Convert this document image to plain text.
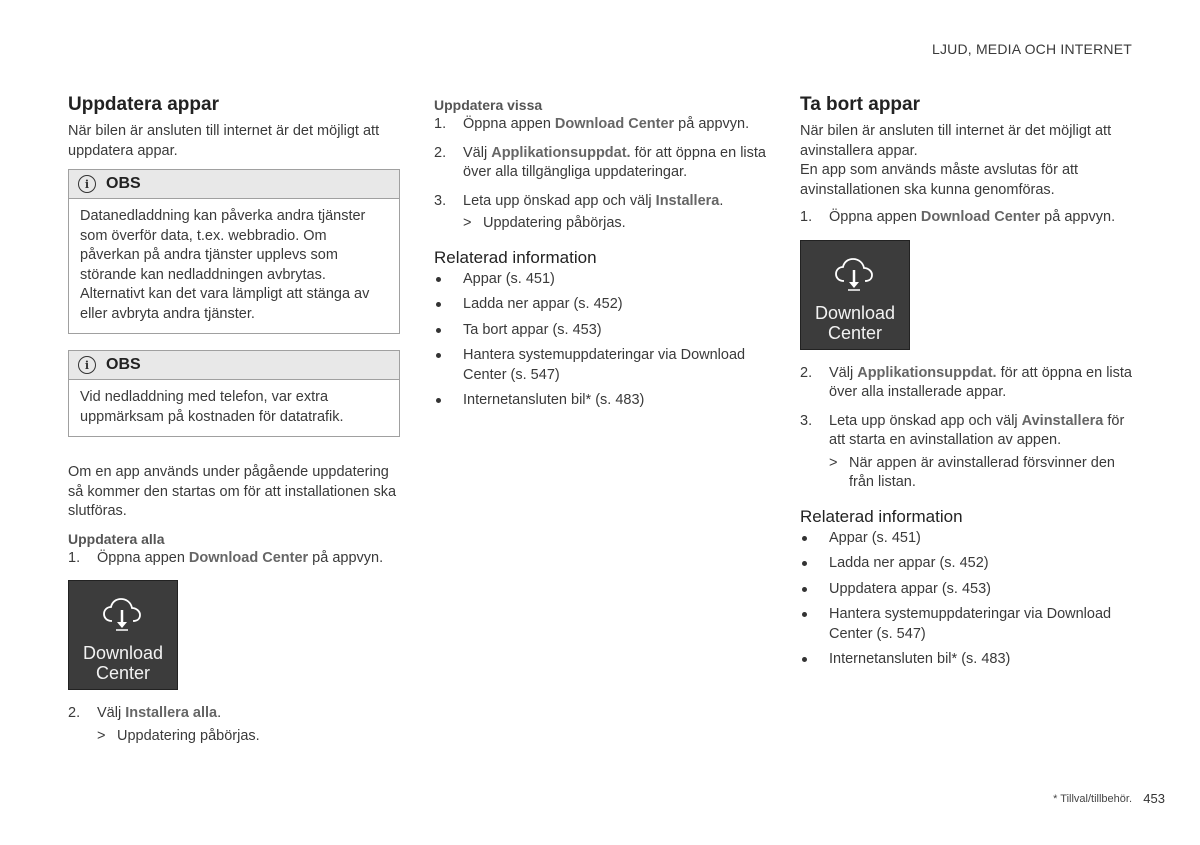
LJUD, MEDIA OCH INTERNET
Uppdatera appar

När bilen är ansluten till internet är det möjligt att uppdatera appar.

i	OBS
Datanedladdning kan påverka andra tjänster som överför data, t.ex. webbradio. Om påverkan på andra tjänster upplevs som störande kan nedladdningen avbrytas. Alternativt kan det vara lämpligt att stänga av eller avbryta andra tjänster.
i	OBS
Vid nedladdning med telefon, var extra uppmärksam på kostnaden för datatrafik.

Om en app används under pågående uppdatering så kommer den startas om för att installationen ska slutföras.

Uppdatera alla
1.	Öppna appen Download Center på appvyn.
Download
Center
2.	Välj Installera alla.
> Uppdatering påbörjas.
Uppdatera vissa
1.	Öppna appen Download Center på appvyn.
2.	Välj Applikationsuppdat. för att öppna en lista över alla tillgängliga uppdateringar.
3.	Leta upp önskad app och välj Installera.
> Uppdatering påbörjas.
Relaterad information
Appar (s. 451)
Ladda ner appar (s. 452)
Ta bort appar (s. 453)
Hantera systemuppdateringar via Download Center (s. 547)
Internetansluten bil* (s. 483)
Ta bort appar

När bilen är ansluten till internet är det möjligt att avinstallera appar.

En app som används måste avslutas för att avinstallationen ska kunna genomföras.

1.	Öppna appen Download Center på appvyn.
Download
Center
2.	Välj Applikationsuppdat. för att öppna en lista över alla installerade appar.
3.	Leta upp önskad app och välj Avinstallera för att starta en avinstallation av appen.
> När appen är avinstallerad försvinner den från listan.
Relaterad information
Appar (s. 451)
Ladda ner appar (s. 452)
Uppdatera appar (s. 453)
Hantera systemuppdateringar via Download Center (s. 547)
Internetansluten bil* (s. 483)
* Tillval/tillbehör. 453
